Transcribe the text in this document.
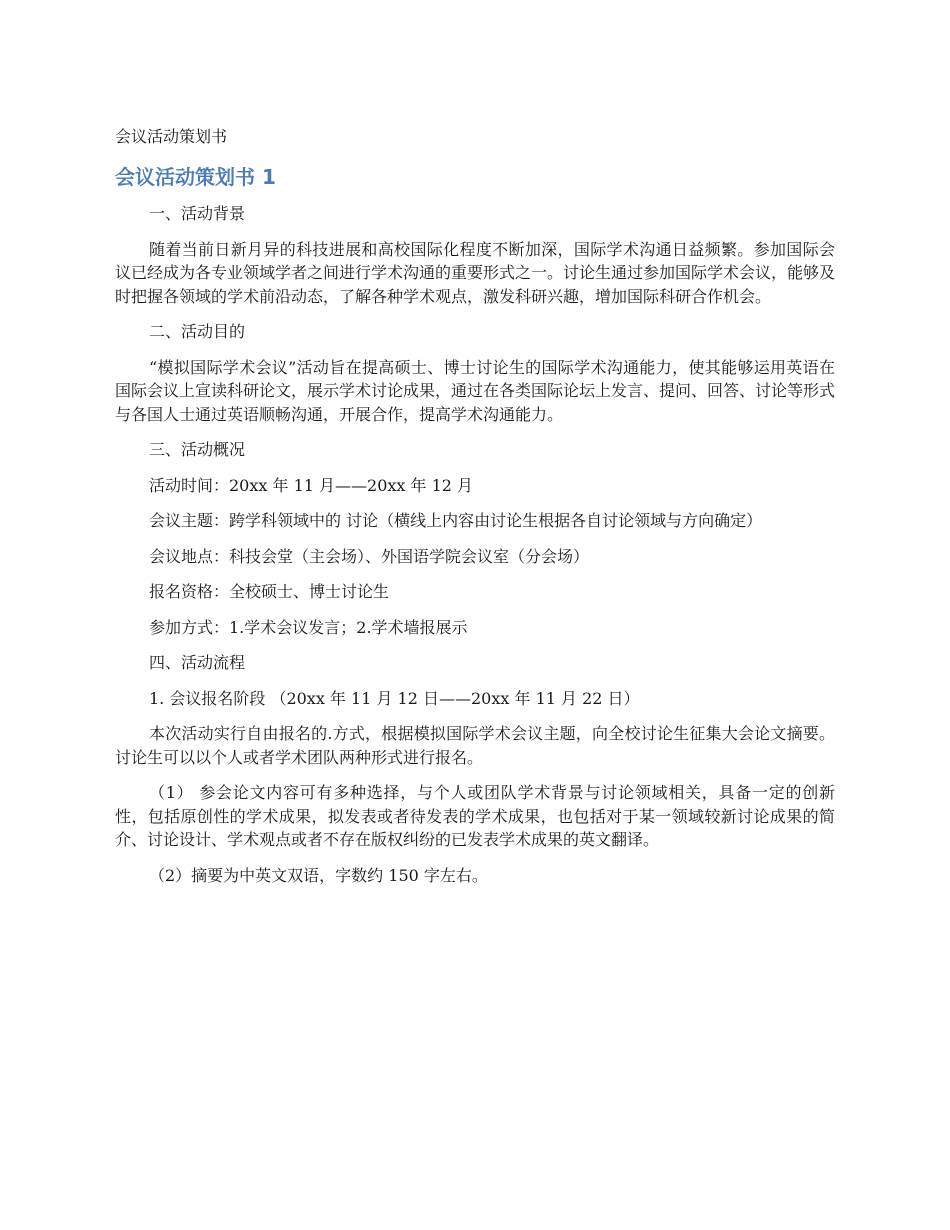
会议活动策划书
会议活动策划书 1

一、活动背景

随着当前日新月异的科技进展和高校国际化程度不断加深，国际学术沟通日益频繁。参加国际会议已经成为各专业领域学者之间进行学术沟通的重要形式之一。讨论生通过参加国际学术会议，能够及时把握各领域的学术前沿动态，了解各种学术观点，激发科研兴趣，增加国际科研合作机会。

二、活动目的

“模拟国际学术会议”活动旨在提高硕士、博士讨论生的国际学术沟通能力，使其能够运用英语在国际会议上宣读科研论文，展示学术讨论成果，通过在各类国际论坛上发言、提问、回答、讨论等形式与各国人士通过英语顺畅沟通，开展合作，提高学术沟通能力。

三、活动概况

活动时间：20xx 年 11 月——20xx 年 12 月

会议主题：跨学科领域中的 讨论（横线上内容由讨论生根据各自讨论领域与方向确定）

会议地点：科技会堂（主会场）、外国语学院会议室（分会场）

报名资格：全校硕士、博士讨论生

参加方式：1.学术会议发言；2.学术墙报展示

四、活动流程

1. 会议报名阶段 （20xx 年 11 月 12 日——20xx 年 11 月 22 日）

本次活动实行自由报名的.方式，根据模拟国际学术会议主题，向全校讨论生征集大会论文摘要。讨论生可以以个人或者学术团队两种形式进行报名。

（1） 参会论文内容可有多种选择，与个人或团队学术背景与讨论领域相关，具备一定的创新性，包括原创性的学术成果，拟发表或者待发表的学术成果，也包括对于某一领域较新讨论成果的简介、讨论设计、学术观点或者不存在版权纠纷的已发表学术成果的英文翻译。

（2）摘要为中英文双语，字数约 150 字左右。
